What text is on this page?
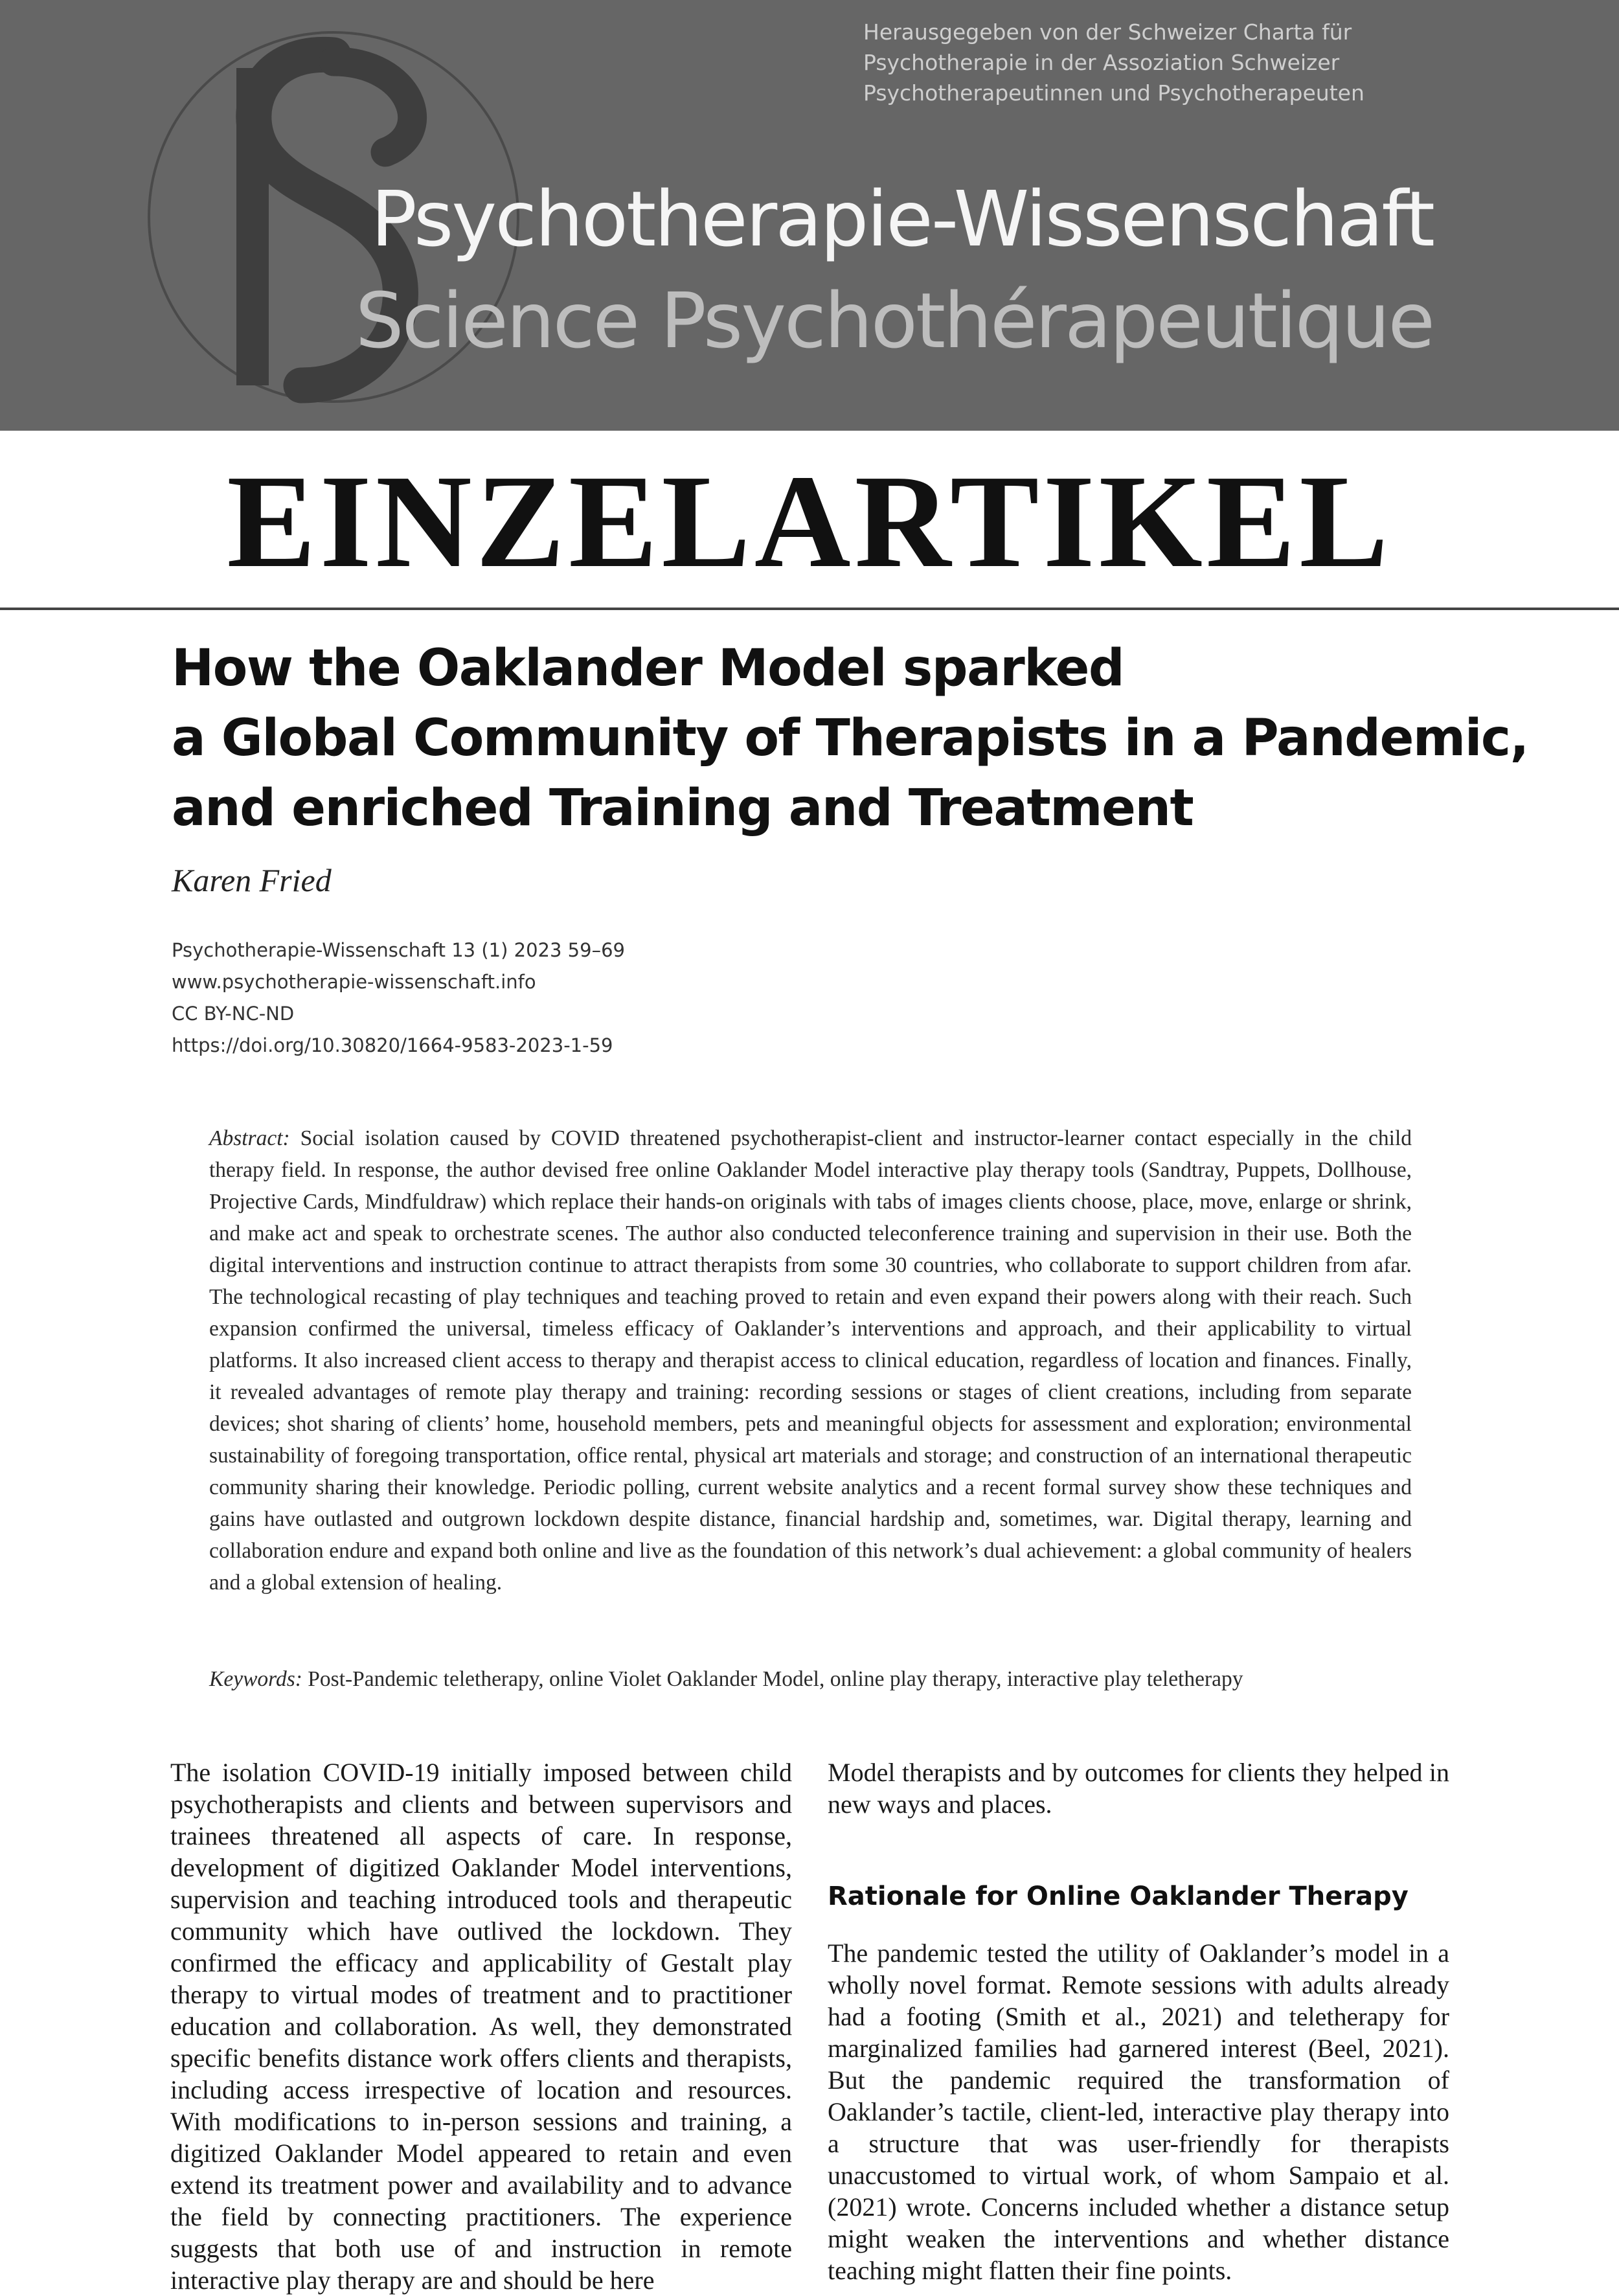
Herausgegeben von der Schweizer Charta für
Psychotherapie in der Assoziation Schweizer
Psychotherapeutinnen und Psychotherapeuten
Psychotherapie-Wissenschaft
Science Psychothérapeutique
EINZELARTIKEL
How the Oaklander Model sparked
a Global Community of Therapists in a Pandemic,
and enriched Training and Treatment
Karen Fried
Psychotherapie-Wissenschaft 13 (1) 2023 59–69
www.psychotherapie-wissenschaft.info
CC BY-NC-ND
https://doi.org/10.30820/1664-9583-2023-1-59
Abstract: Social isolation caused by COVID threatened psychotherapist-client and instructor-learner contact especially in the child therapy field. In response, the author devised free online Oaklander Model interactive play therapy tools (Sandtray, Puppets, Dollhouse, Projective Cards, Mindfuldraw) which replace their hands-on originals with tabs of images clients choose, place, move, enlarge or shrink, and make act and speak to orchestrate scenes. The author also conducted teleconference training and supervision in their use. Both the digital interventions and instruction continue to attract therapists from some 30 countries, who collaborate to support children from afar. The technological recasting of play techniques and teaching proved to retain and even expand their powers along with their reach. Such expansion confirmed the universal, timeless efficacy of Oaklander’s interventions and approach, and their applicability to virtual platforms. It also increased client access to therapy and therapist access to clinical education, regardless of location and finances. Finally, it revealed advantages of remote play therapy and training: recording sessions or stages of client creations, including from separate devices; shot sharing of clients’ home, household members, pets and meaningful objects for assessment and exploration; environmental sustainability of foregoing transportation, office rental, physical art materials and storage; and construction of an international therapeutic community sharing their knowledge. Periodic polling, current website analytics and a recent formal survey show these techniques and gains have outlasted and outgrown lockdown despite distance, financial hardship and, sometimes, war. Digital therapy, learning and collaboration endure and expand both online and live as the foundation of this network’s dual achievement: a global community of healers and a global extension of healing.
Keywords: Post-Pandemic teletherapy, online Violet Oaklander Model, online play therapy, interactive play teletherapy

The isolation COVID-19 initially imposed between child psychotherapists and clients and between supervisors and trainees threatened all aspects of care. In response, development of digitized Oaklander Model interventions, supervision and teaching introduced tools and therapeutic community which have outlived the lockdown. They confirmed the efficacy and applicability of Gestalt play therapy to virtual modes of treatment and to practitioner education and collaboration. As well, they demonstrated specific benefits distance work offers clients and therapists, including access irrespective of location and resources. With modifications to in-person sessions and training, a digitized Oaklander Model appeared to retain and even extend its treatment power and availability and to advance the field by connecting practitioners. The experience suggests that both use of and instruction in remote interactive play therapy are and should be here

Model therapists and by outcomes for clients they helped in new ways and places.

Rationale for Online Oaklander Therapy

The pandemic tested the utility of Oaklander’s model in a wholly novel format. Remote sessions with adults already had a footing (Smith et al., 2021) and teletherapy for marginalized families had garnered interest (Beel, 2021). But the pandemic required the transformation of Oaklander’s tactile, client-led, interactive play therapy into a structure that was user-friendly for therapists unaccustomed to virtual work, of whom Sampaio et al. (2021) wrote. Concerns included whether a distance setup might weaken the interventions and whether distance teaching might flatten their fine points.
